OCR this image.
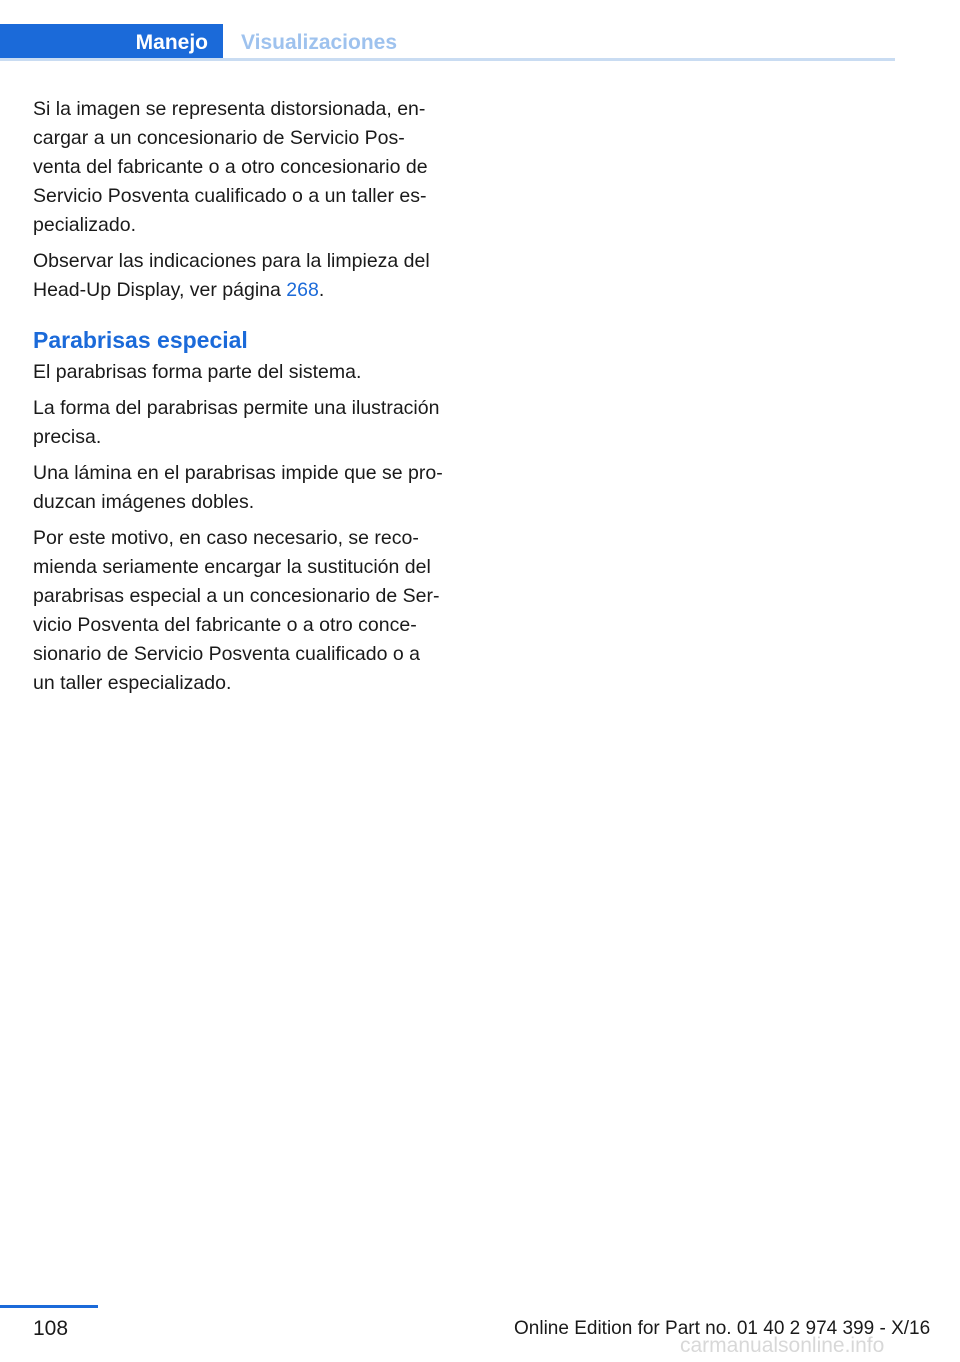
Manejo	Visualizaciones

Si la imagen se representa distorsionada, en‐
cargar a un concesionario de Servicio Pos‐
venta del fabricante o a otro concesionario de
Servicio Posventa cualificado o a un taller es‐
pecializado.

Observar las indicaciones para la limpieza del
Head-Up Display, ver página 268.

Parabrisas especial

El parabrisas forma parte del sistema.

La forma del parabrisas permite una ilustración
precisa.

Una lámina en el parabrisas impide que se pro‐
duzcan imágenes dobles.

Por este motivo, en caso necesario, se reco‐
mienda seriamente encargar la sustitución del
parabrisas especial a un concesionario de Ser‐
vicio Posventa del fabricante o a otro conce‐
sionario de Servicio Posventa cualificado o a
un taller especializado.

108	Online Edition for Part no. 01 40 2 974 399 - X/16
carmanualsonline.info
